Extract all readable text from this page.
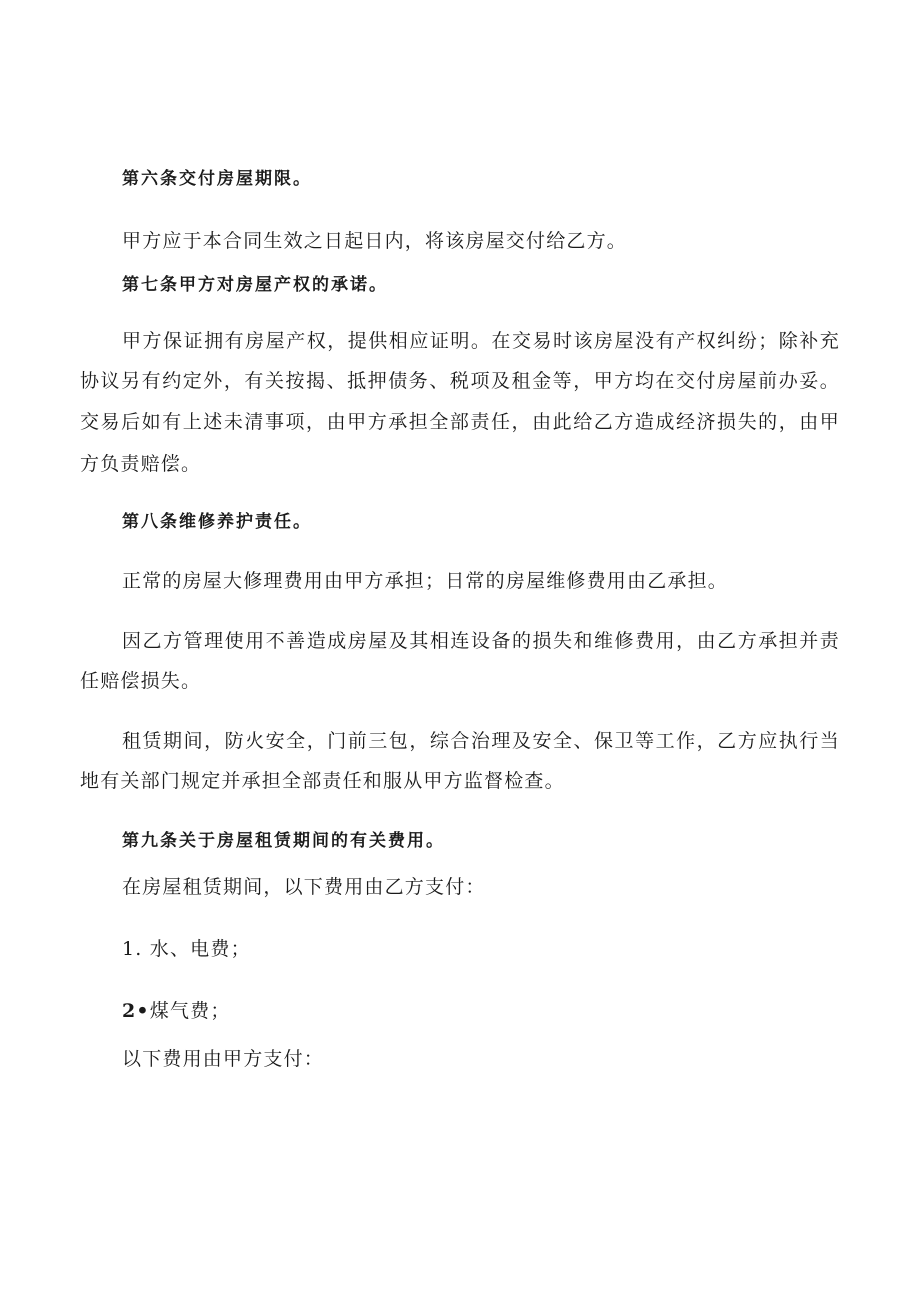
第六条交付房屋期限。
甲方应于本合同生效之日起日内，将该房屋交付给乙方。
第七条甲方对房屋产权的承诺。
甲方保证拥有房屋产权，提供相应证明。在交易时该房屋没有产权纠纷；除补充
协议另有约定外，有关按揭、抵押债务、税项及租金等，甲方均在交付房屋前办妥。
交易后如有上述未清事项，由甲方承担全部责任，由此给乙方造成经济损失的，由甲
方负责赔偿。
第八条维修养护责任。
正常的房屋大修理费用由甲方承担；日常的房屋维修费用由乙承担。
因乙方管理使用不善造成房屋及其相连设备的损失和维修费用，由乙方承担并责
任赔偿损失。
租赁期间，防火安全，门前三包，综合治理及安全、保卫等工作，乙方应执行当
地有关部门规定并承担全部责任和服从甲方监督检查。
第九条关于房屋租赁期间的有关费用。
在房屋租赁期间，以下费用由乙方支付：
1. 水、电费；
2•煤气费；
以下费用由甲方支付：
